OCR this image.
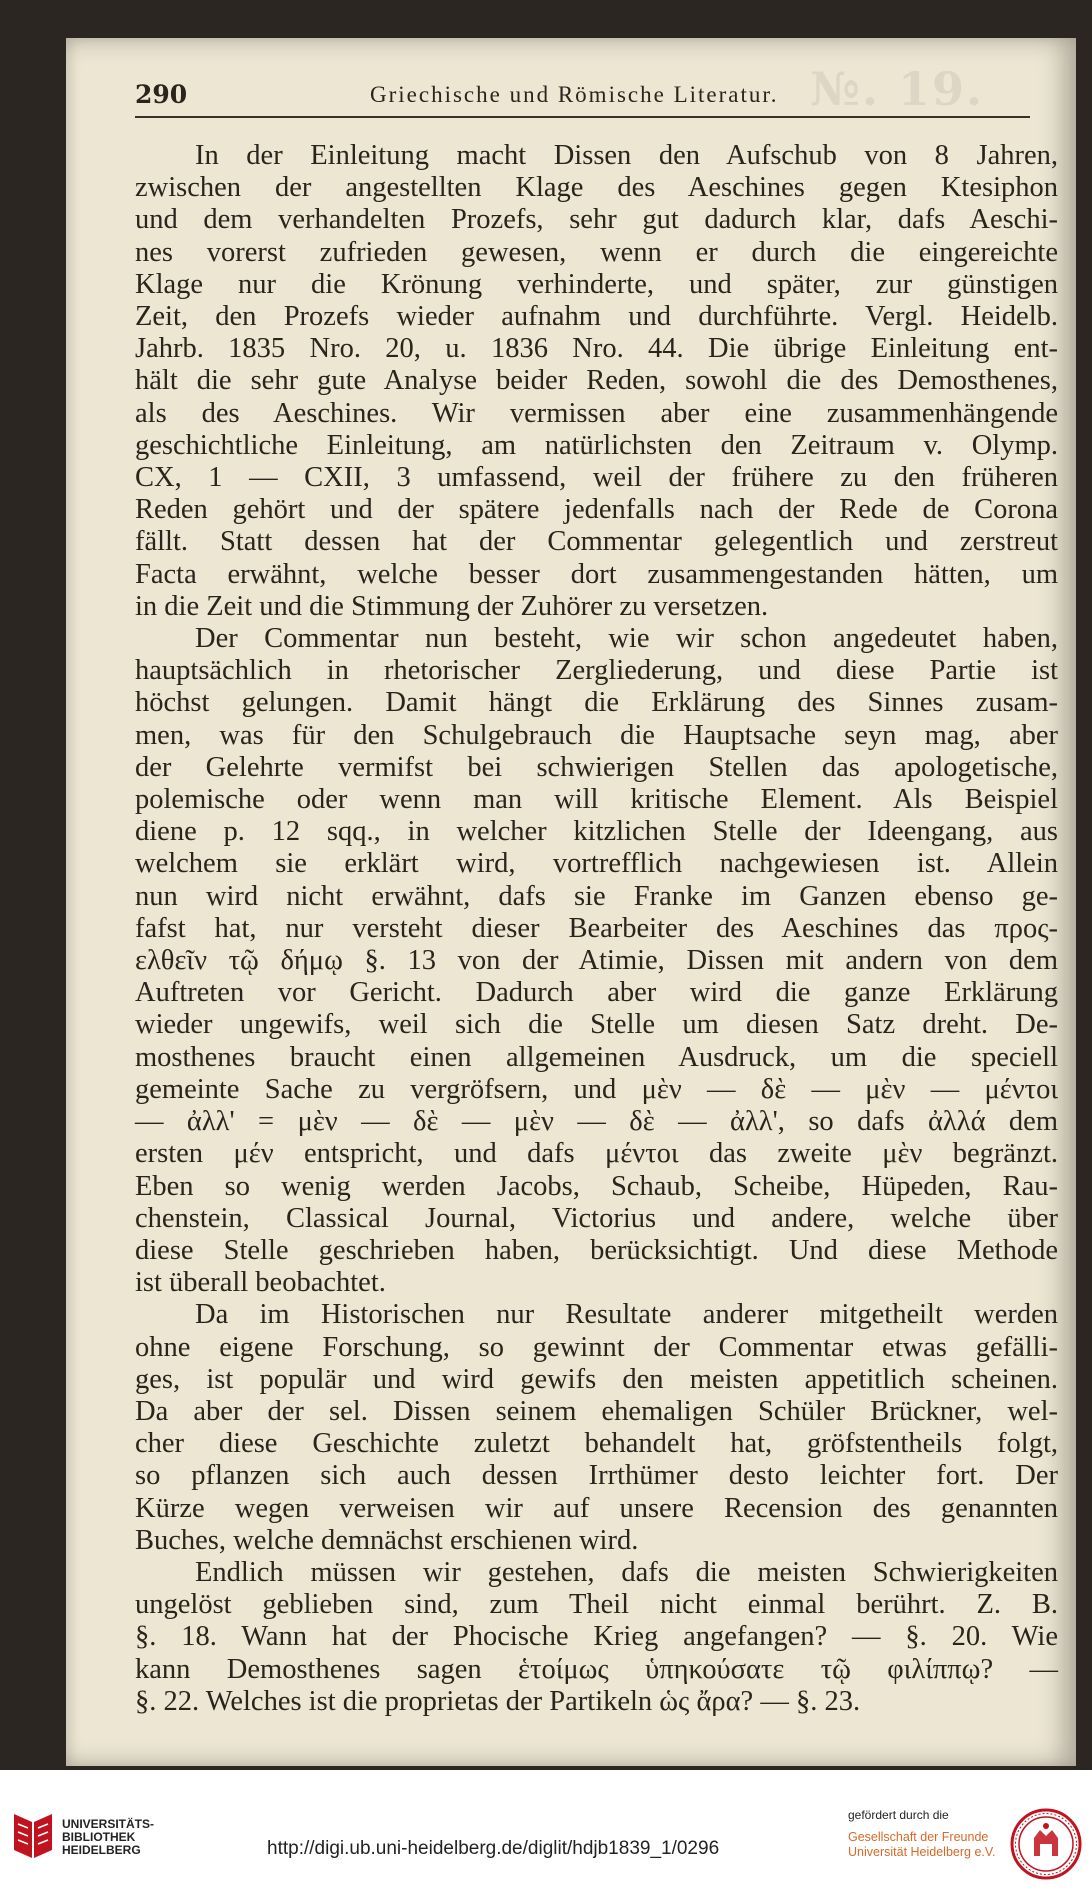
№. 19.
290	Griechische und Römische Literatur.
In der Einleitung macht Dissen den Aufschub von 8 Jahren,
zwischen der angestellten Klage des Aeschines gegen Ktesiphon
und dem verhandelten Prozefs, sehr gut dadurch klar, dafs Aeschi-
nes vorerst zufrieden gewesen, wenn er durch die eingereichte
Klage nur die Krönung verhinderte, und später, zur günstigen
Zeit, den Prozefs wieder aufnahm und durchführte. Vergl. Heidelb.
Jahrb. 1835 Nro. 20, u. 1836 Nro. 44. Die übrige Einleitung ent-
hält die sehr gute Analyse beider Reden, sowohl die des Demosthenes,
als des Aeschines. Wir vermissen aber eine zusammenhängende
geschichtliche Einleitung, am natürlichsten den Zeitraum v. Olymp.
CX, 1 — CXII, 3 umfassend, weil der frühere zu den früheren
Reden gehört und der spätere jedenfalls nach der Rede de Corona
fällt. Statt dessen hat der Commentar gelegentlich und zerstreut
Facta erwähnt, welche besser dort zusammengestanden hätten, um
in die Zeit und die Stimmung der Zuhörer zu versetzen.
Der Commentar nun besteht, wie wir schon angedeutet haben,
hauptsächlich in rhetorischer Zergliederung, und diese Partie ist
höchst gelungen. Damit hängt die Erklärung des Sinnes zusam-
men, was für den Schulgebrauch die Hauptsache seyn mag, aber
der Gelehrte vermifst bei schwierigen Stellen das apologetische,
polemische oder wenn man will kritische Element. Als Beispiel
diene p. 12 sqq., in welcher kitzlichen Stelle der Ideengang, aus
welchem sie erklärt wird, vortrefflich nachgewiesen ist. Allein
nun wird nicht erwähnt, dafs sie Franke im Ganzen ebenso ge-
fafst hat, nur versteht dieser Bearbeiter des Aeschines das προς-
ελθεῖν τῷ δήμῳ §. 13 von der Atimie, Dissen mit andern von dem
Auftreten vor Gericht. Dadurch aber wird die ganze Erklärung
wieder ungewifs, weil sich die Stelle um diesen Satz dreht. De-
mosthenes braucht einen allgemeinen Ausdruck, um die speciell
gemeinte Sache zu vergröfsern, und μὲν — δὲ — μὲν — μέντοι
— ἀλλ' = μὲν — δὲ — μὲν — δὲ — ἀλλ', so dafs ἀλλά dem
ersten μέν entspricht, und dafs μέντοι das zweite μὲν begränzt.
Eben so wenig werden Jacobs, Schaub, Scheibe, Hüpeden, Rau-
chenstein, Classical Journal, Victorius und andere, welche über
diese Stelle geschrieben haben, berücksichtigt. Und diese Methode
ist überall beobachtet.
Da im Historischen nur Resultate anderer mitgetheilt werden
ohne eigene Forschung, so gewinnt der Commentar etwas gefälli-
ges, ist populär und wird gewifs den meisten appetitlich scheinen.
Da aber der sel. Dissen seinem ehemaligen Schüler Brückner, wel-
cher diese Geschichte zuletzt behandelt hat, gröfstentheils folgt,
so pflanzen sich auch dessen Irrthümer desto leichter fort. Der
Kürze wegen verweisen wir auf unsere Recension des genannten
Buches, welche demnächst erschienen wird.
Endlich müssen wir gestehen, dafs die meisten Schwierigkeiten
ungelöst geblieben sind, zum Theil nicht einmal berührt. Z. B.
§. 18. Wann hat der Phocische Krieg angefangen? — §. 20. Wie
kann Demosthenes sagen ἑτοίμως ὑπηκούσατε τῷ φιλίππῳ? —
§. 22. Welches ist die proprietas der Partikeln ὡς ἄρα? — §. 23.
UNIVERSITÄTS-
BIBLIOTHEK
HEIDELBERG	http://digi.ub.uni-heidelberg.de/diglit/hdjb1839_1/0296
gefördert durch die
Gesellschaft der Freunde
Universität Heidelberg e.V.
